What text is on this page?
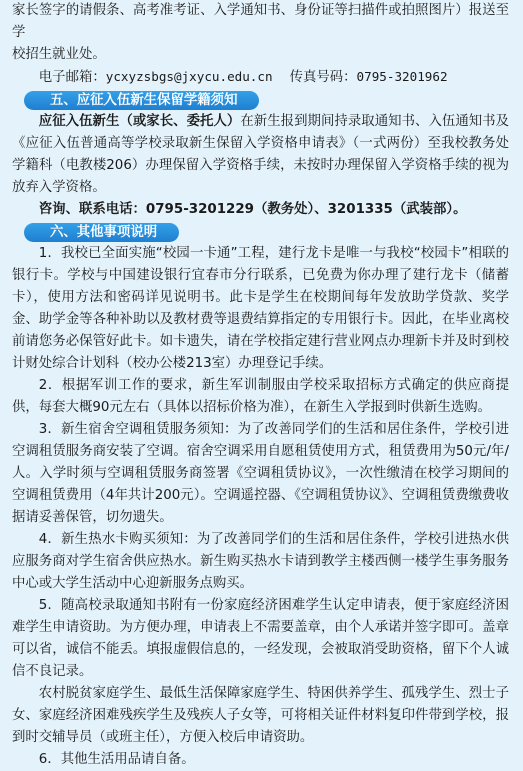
家长签字的请假条、高考准考证、入学通知书、身份证等扫描件或拍照图片）报送至学

校招生就业处。

电子邮箱：ycxyzsbgs@jxycu.edu.cn 传真号码：0795-3201962

五、应征入伍新生保留学籍须知

应征入伍新生（或家长、委托人）在新生报到期间持录取通知书、入伍通知书及《应征入伍普通高等学校录取新生保留入学资格申请表》（一式两份）至我校教务处学籍科（电教楼206）办理保留入学资格手续，未按时办理保留入学资格手续的视为放弃入学资格。

咨询、联系电话：0795-3201229（教务处）、3201335（武装部）。

六、其他事项说明

1．我校已全面实施“校园一卡通”工程，建行龙卡是唯一与我校“校园卡”相联的银行卡。学校与中国建设银行宜春市分行联系，已免费为你办理了建行龙卡（储蓄卡），使用方法和密码详见说明书。此卡是学生在校期间每年发放助学贷款、奖学金、助学金等各种补助以及教材费等退费结算指定的专用银行卡。因此，在毕业离校前请您务必保管好此卡。如卡遗失，请在学校指定建行营业网点办理新卡并及时到校计财处综合计划科（校办公楼213室）办理登记手续。

2．根据军训工作的要求，新生军训制服由学校采取招标方式确定的供应商提供，每套大概90元左右（具体以招标价格为准），在新生入学报到时供新生选购。

3．新生宿舍空调租赁服务须知：为了改善同学们的生活和居住条件，学校引进空调租赁服务商安装了空调。宿舍空调采用自愿租赁使用方式，租赁费用为50元/年/人。入学时须与空调租赁服务商签署《空调租赁协议》，一次性缴清在校学习期间的空调租赁费用（4年共计200元）。空调遥控器、《空调租赁协议》、空调租赁费缴费收据请妥善保管，切勿遗失。

4．新生热水卡购买须知：为了改善同学们的生活和居住条件，学校引进热水供应服务商对学生宿舍供应热水。新生购买热水卡请到教学主楼西侧一楼学生事务服务中心或大学生活动中心迎新服务点购买。

5．随高校录取通知书附有一份家庭经济困难学生认定申请表，便于家庭经济困难学生申请资助。为方便办理，申请表上不需要盖章，由个人承诺并签字即可。盖章可以省，诚信不能丢。填报虚假信息的，一经发现，会被取消受助资格，留下个人诚信不良记录。

农村脱贫家庭学生、最低生活保障家庭学生、特困供养学生、孤残学生、烈士子女、家庭经济困难残疾学生及残疾人子女等，可将相关证件材料复印件带到学校，报到时交辅导员（或班主任），方便入校后申请资助。

6．其他生活用品请自备。
